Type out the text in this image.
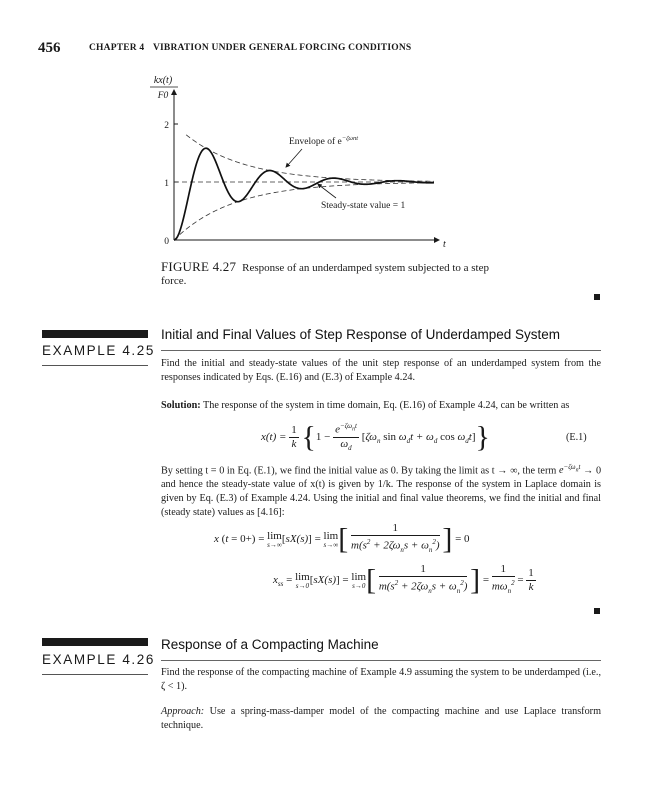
456	CHAPTER 4 VIBRATION UNDER GENERAL FORCING CONDITIONS
kx(t)
F0
2
1
0	t
Envelope of $e^{-\zeta\omega nt}$
Steady-state value = 1
FIGURE 4.27 Response of an underdamped system subjected to a step force.
Initial and Final Values of Step Response of Underdamped System
EXAMPLE 4.25
Find the initial and steady-state values of the unit step response of an underdamped system from the responses indicated by Eqs. (E.16) and (E.3) of Example 4.24.
Solution: The response of the system in time domain, Eq. (E.16) of Example 4.24, can be written as
$x(t) = \frac{1}{k} \{1 - \frac{e^{-\zeta\omega_nt}}{\omega_d} [\zeta\omega_n$ $\sin \omega_dt + \omega_d$ $\cos \omega_dt$]}	(E.1)
By setting t = 0 in Eq. (E.1), we find the initial value as 0. By taking the limit as t → ∞, the term $e^{-\zeta\omega_nt} \to 0$ and hence the steady-state value of x(t) is given by 1/k. The response of the system in Laplace domain is given by Eq. (E.3) of Example 4.24. Using the initial and final value theorems, we find the initial and final (steady state) values as [4.16]:
x (t = 0+) = lim
s→∞
[sX(s)] = lim
s→∞ [ $\frac{1}{m(s^2 + 2\zeta\omega_ns + \omega_n^2)}$ ] = 0
$x_{ss} = \lim$
s→0
[sX(s)] = lim
s→0 [ $\frac{1}{m(s^2 + 2\zeta\omega_ns + \omega_n^2)}$ ] = $\frac{1}{m\omega_n^2} = \frac{1}{k}$
Response of a Compacting Machine
EXAMPLE 4.26
Find the response of the compacting machine of Example 4.9 assuming the system to be underdamped (i.e., ζ < 1).
Approach: Use a spring-mass-damper model of the compacting machine and use Laplace transform technique.
